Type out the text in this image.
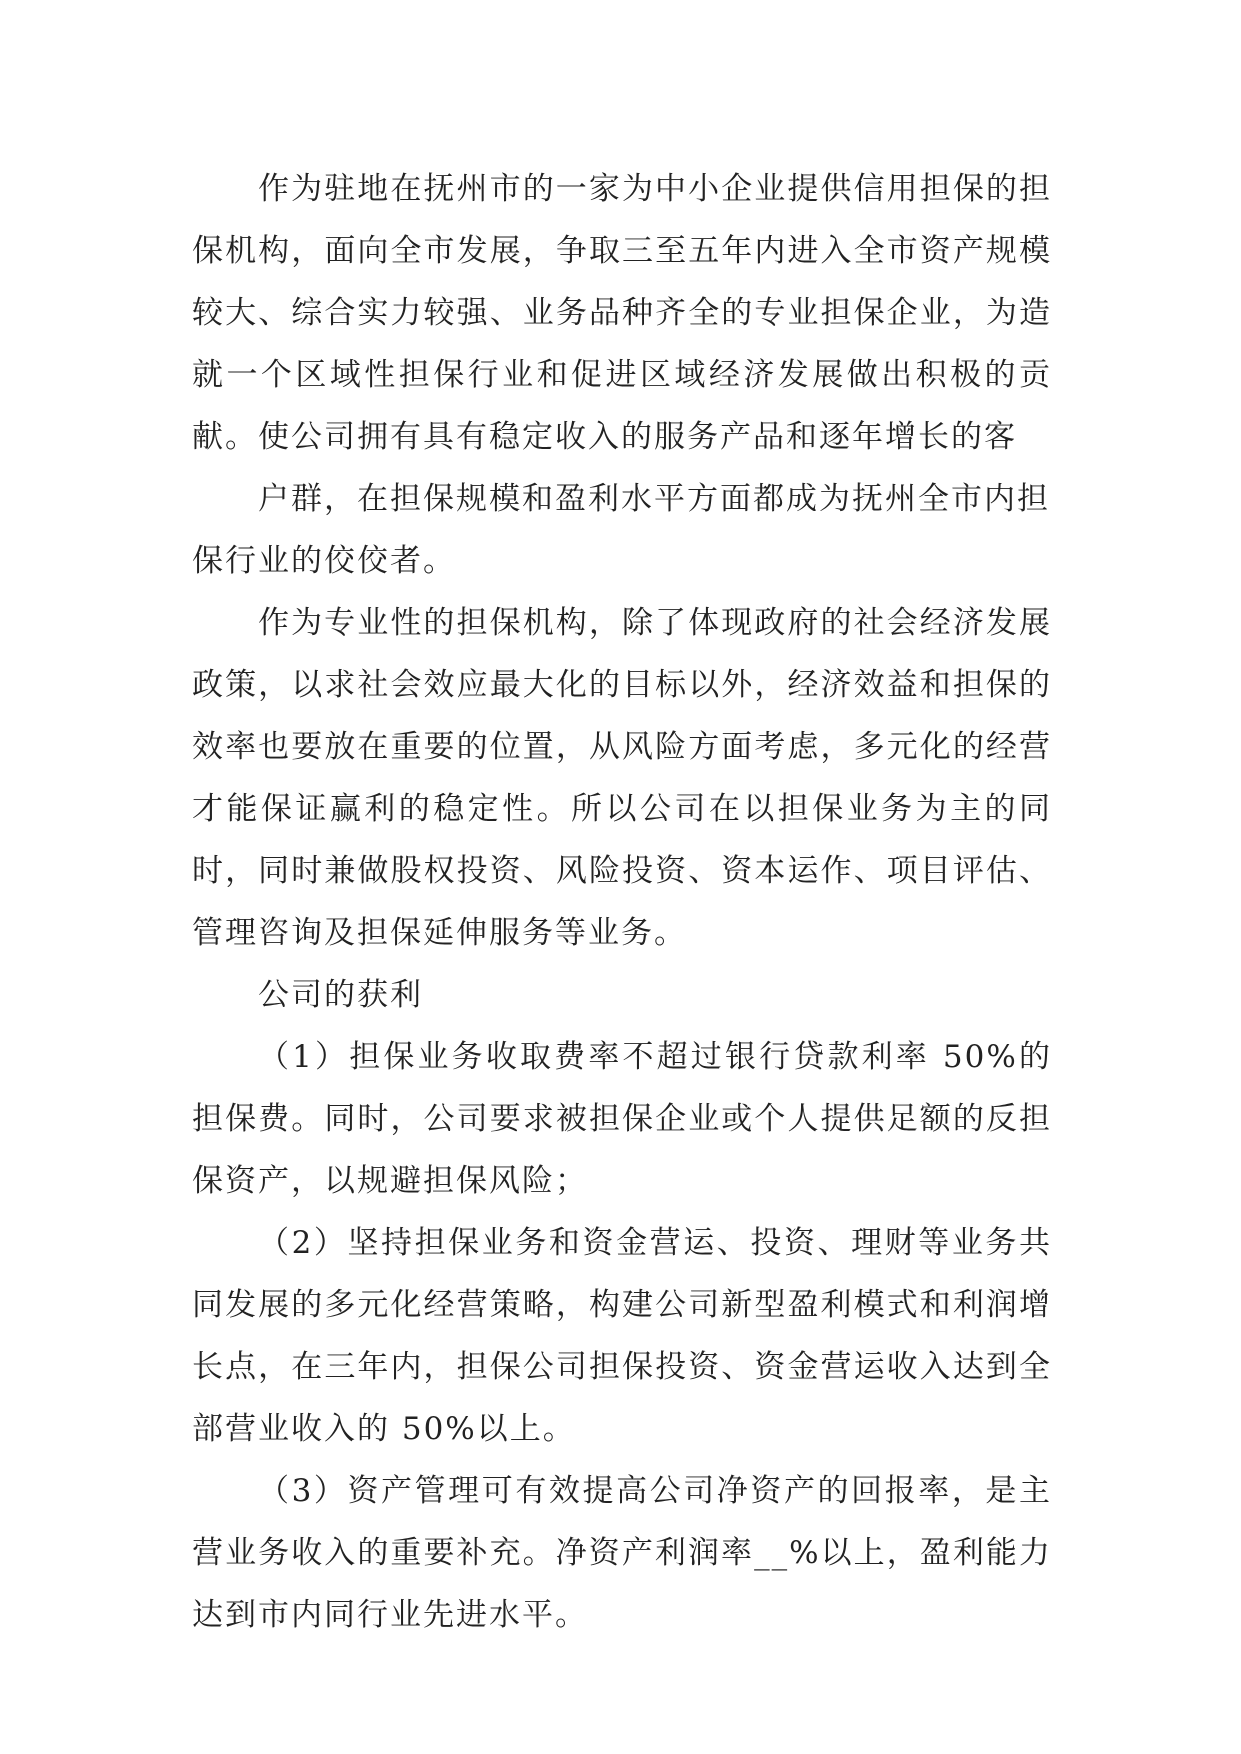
作为驻地在抚州市的一家为中小企业提供信用担保的担保机构，面向全市发展，争取三至五年内进入全市资产规模较大、综合实力较强、业务品种齐全的专业担保企业，为造就一个区域性担保行业和促进区域经济发展做出积极的贡献。使公司拥有具有稳定收入的服务产品和逐年增长的客

户群，在担保规模和盈利水平方面都成为抚州全市内担

保行业的佼佼者。

作为专业性的担保机构，除了体现政府的社会经济发展政策，以求社会效应最大化的目标以外，经济效益和担保的效率也要放在重要的位置，从风险方面考虑，多元化的经营才能保证赢利的稳定性。所以公司在以担保业务为主的同时，同时兼做股权投资、风险投资、资本运作、项目评估、管理咨询及担保延伸服务等业务。

公司的获利

（1）担保业务收取费率不超过银行贷款利率 50%的担保费。同时，公司要求被担保企业或个人提供足额的反担保资产，以规避担保风险；

（2）坚持担保业务和资金营运、投资、理财等业务共同发展的多元化经营策略，构建公司新型盈利模式和利润增长点，在三年内，担保公司担保投资、资金营运收入达到全部营业收入的 50%以上。

（3）资产管理可有效提高公司净资产的回报率，是主营业务收入的重要补充。净资产利润率__%以上，盈利能力达到市内同行业先进水平。
